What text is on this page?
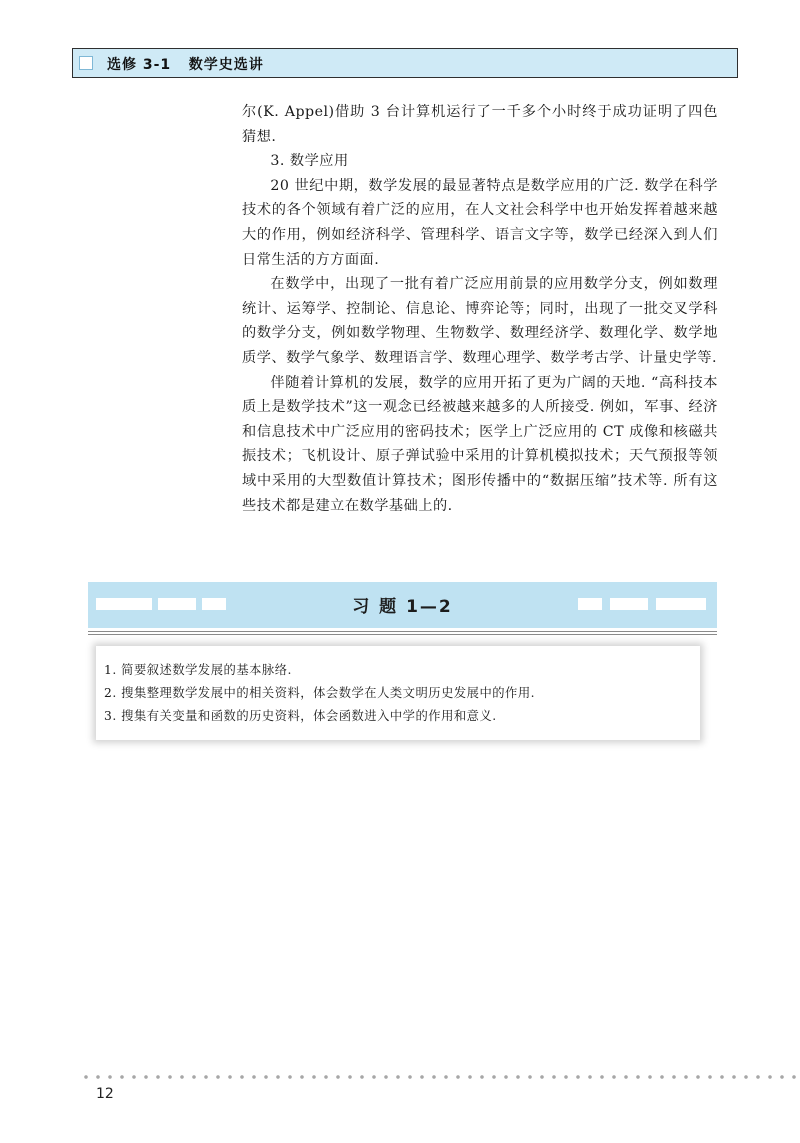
选修 3-1   数学史选讲

尔(K. Appel)借助 3 台计算机运行了一千多个小时终于成功证明了四色猜想.

3. 数学应用

20 世纪中期，数学发展的最显著特点是数学应用的广泛. 数学在科学技术的各个领域有着广泛的应用，在人文社会科学中也开始发挥着越来越大的作用，例如经济科学、管理科学、语言文字等，数学已经深入到人们日常生活的方方面面.

在数学中，出现了一批有着广泛应用前景的应用数学分支，例如数理统计、运筹学、控制论、信息论、博弈论等；同时，出现了一批交叉学科的数学分支，例如数学物理、生物数学、数理经济学、数理化学、数学地质学、数学气象学、数理语言学、数理心理学、数学考古学、计量史学等.

伴随着计算机的发展，数学的应用开拓了更为广阔的天地. “高科技本质上是数学技术”这一观念已经被越来越多的人所接受. 例如，军事、经济和信息技术中广泛应用的密码技术；医学上广泛应用的 CT 成像和核磁共振技术；飞机设计、原子弹试验中采用的计算机模拟技术；天气预报等领域中采用的大型数值计算技术；图形传播中的“数据压缩”技术等. 所有这些技术都是建立在数学基础上的.

习 题 1—2
1. 简要叙述数学发展的基本脉络.
2. 搜集整理数学发展中的相关资料，体会数学在人类文明历史发展中的作用.
3. 搜集有关变量和函数的历史资料，体会函数进入中学的作用和意义.
12
